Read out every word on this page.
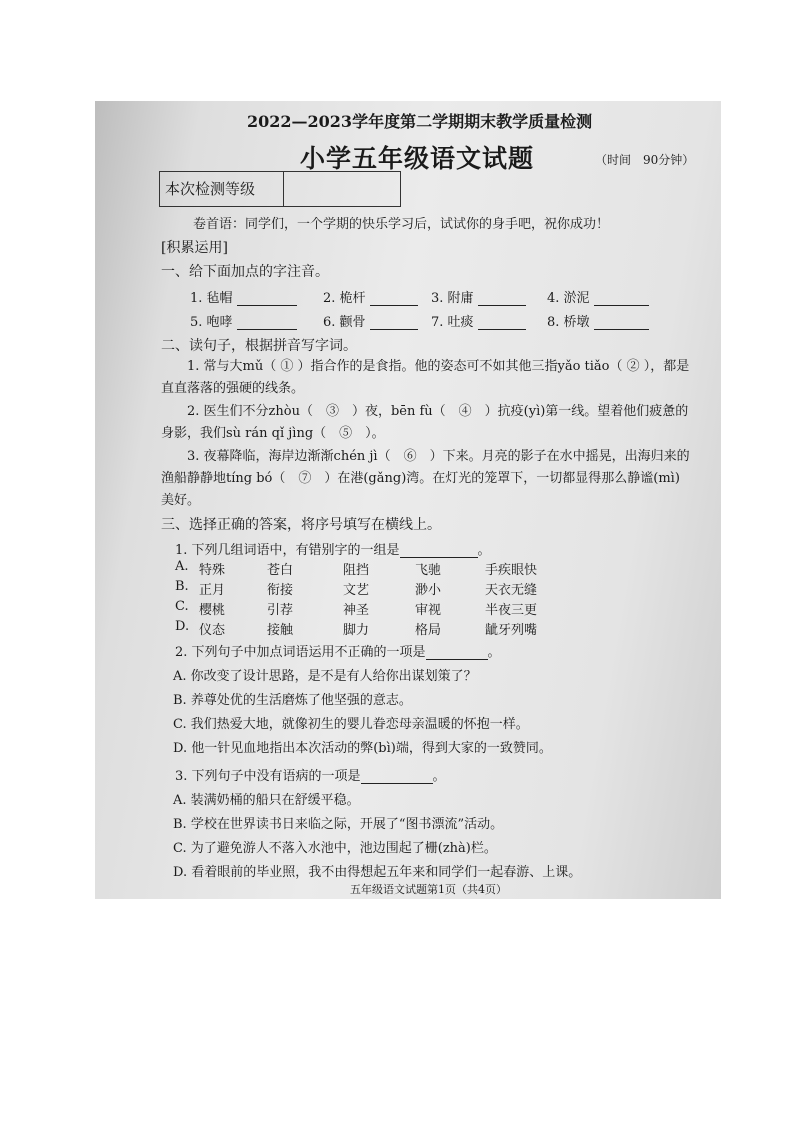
2022—2023学年度第二学期期末教学质量检测
小学五年级语文试题	（时间　90分钟）
本次检测等级
卷首语：同学们，一个学期的快乐学习后，试试你的身手吧，祝你成功！
[积累运用]
一、给下面加点的字注音。
1. 毡帽	2. 桅杆	3. 附庸	4. 淤泥
5. 咆哮	6. 颧骨	7. 吐痰	8. 桥墩
二、读句子，根据拼音写字词。
1. 常与大mǔ（ ① ）指合作的是食指。他的姿态可不如其他三指yǎo tiǎo（ ② ），都是直直落落的强硬的线条。
2. 医生们不分zhòu（　③　）夜，bēn fù（　④　）抗疫(yì)第一线。望着他们疲惫的身影，我们sù rán qǐ jìng（　⑤　）。
3. 夜幕降临，海岸边渐渐chén jì（　⑥　）下来。月亮的影子在水中摇晃，出海归来的渔船静静地tíng bó（　⑦　）在港(gǎng)湾。在灯光的笼罩下，一切都显得那么静谧(mì)美好。
三、选择正确的答案，将序号填写在横线上。
1. 下列几组词语中，有错别字的一组是	。
A. 特殊	苍白	阻挡	飞驰	手疾眼快
B. 正月	衔接	文艺	渺小	天衣无缝
C. 樱桃	引荐	神圣	审视	半夜三更
D. 仪态	接触	脚力	格局	龇牙列嘴
2. 下列句子中加点词语运用不正确的一项是	。
A. 你改变了设计思路，是不是有人给你出谋划策了？
B. 养尊处优的生活磨炼了他坚强的意志。
C. 我们热爱大地，就像初生的婴儿眷恋母亲温暖的怀抱一样。
D. 他一针见血地指出本次活动的弊(bì)端，得到大家的一致赞同。
3. 下列句子中没有语病的一项是	。
A. 装满奶桶的船只在舒缓平稳。
B. 学校在世界读书日来临之际，开展了“图书漂流”活动。
C. 为了避免游人不落入水池中，池边围起了栅(zhà)栏。
D. 看着眼前的毕业照，我不由得想起五年来和同学们一起春游、上课。
五年级语文试题第1页（共4页）
